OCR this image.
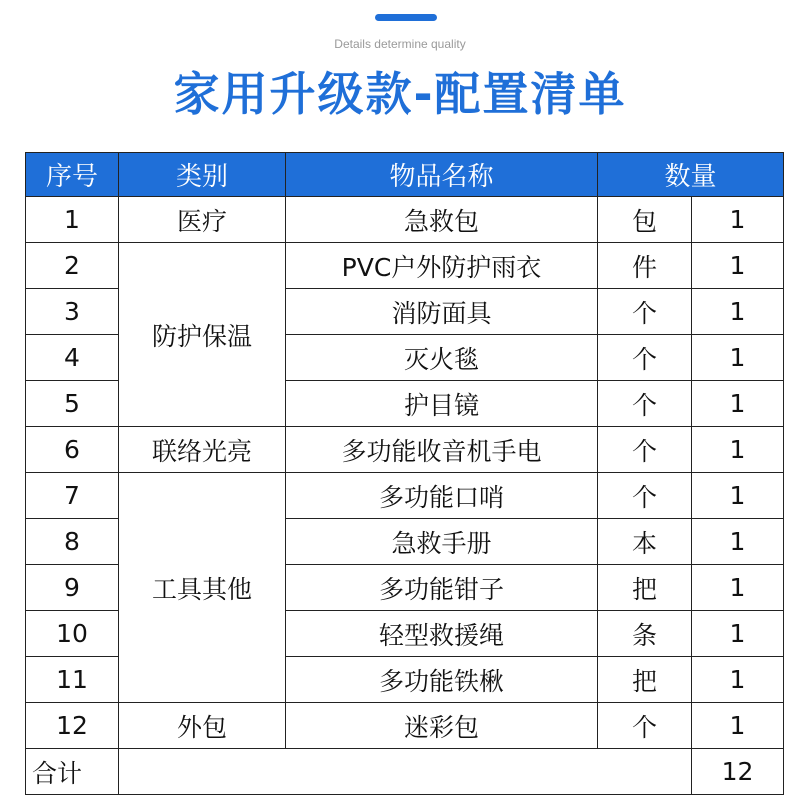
Details determine quality
家用升级款-配置清单
序号	类别	物品名称	数量	
1	医疗	急救包	包	1
2	防护保温	PVC户外防护雨衣	件	1
3		消防面具	个	1
4		灭火毯	个	1
5		护目镜	个	1
6	联络光亮	多功能收音机手电	个	1
7	工具其他	多功能口哨	个	1
8		急救手册	本	1
9		多功能钳子	把	1
10		轻型救援绳	条	1
11		多功能铁楸	把	1
12	外包	迷彩包	个	1
合计				12
